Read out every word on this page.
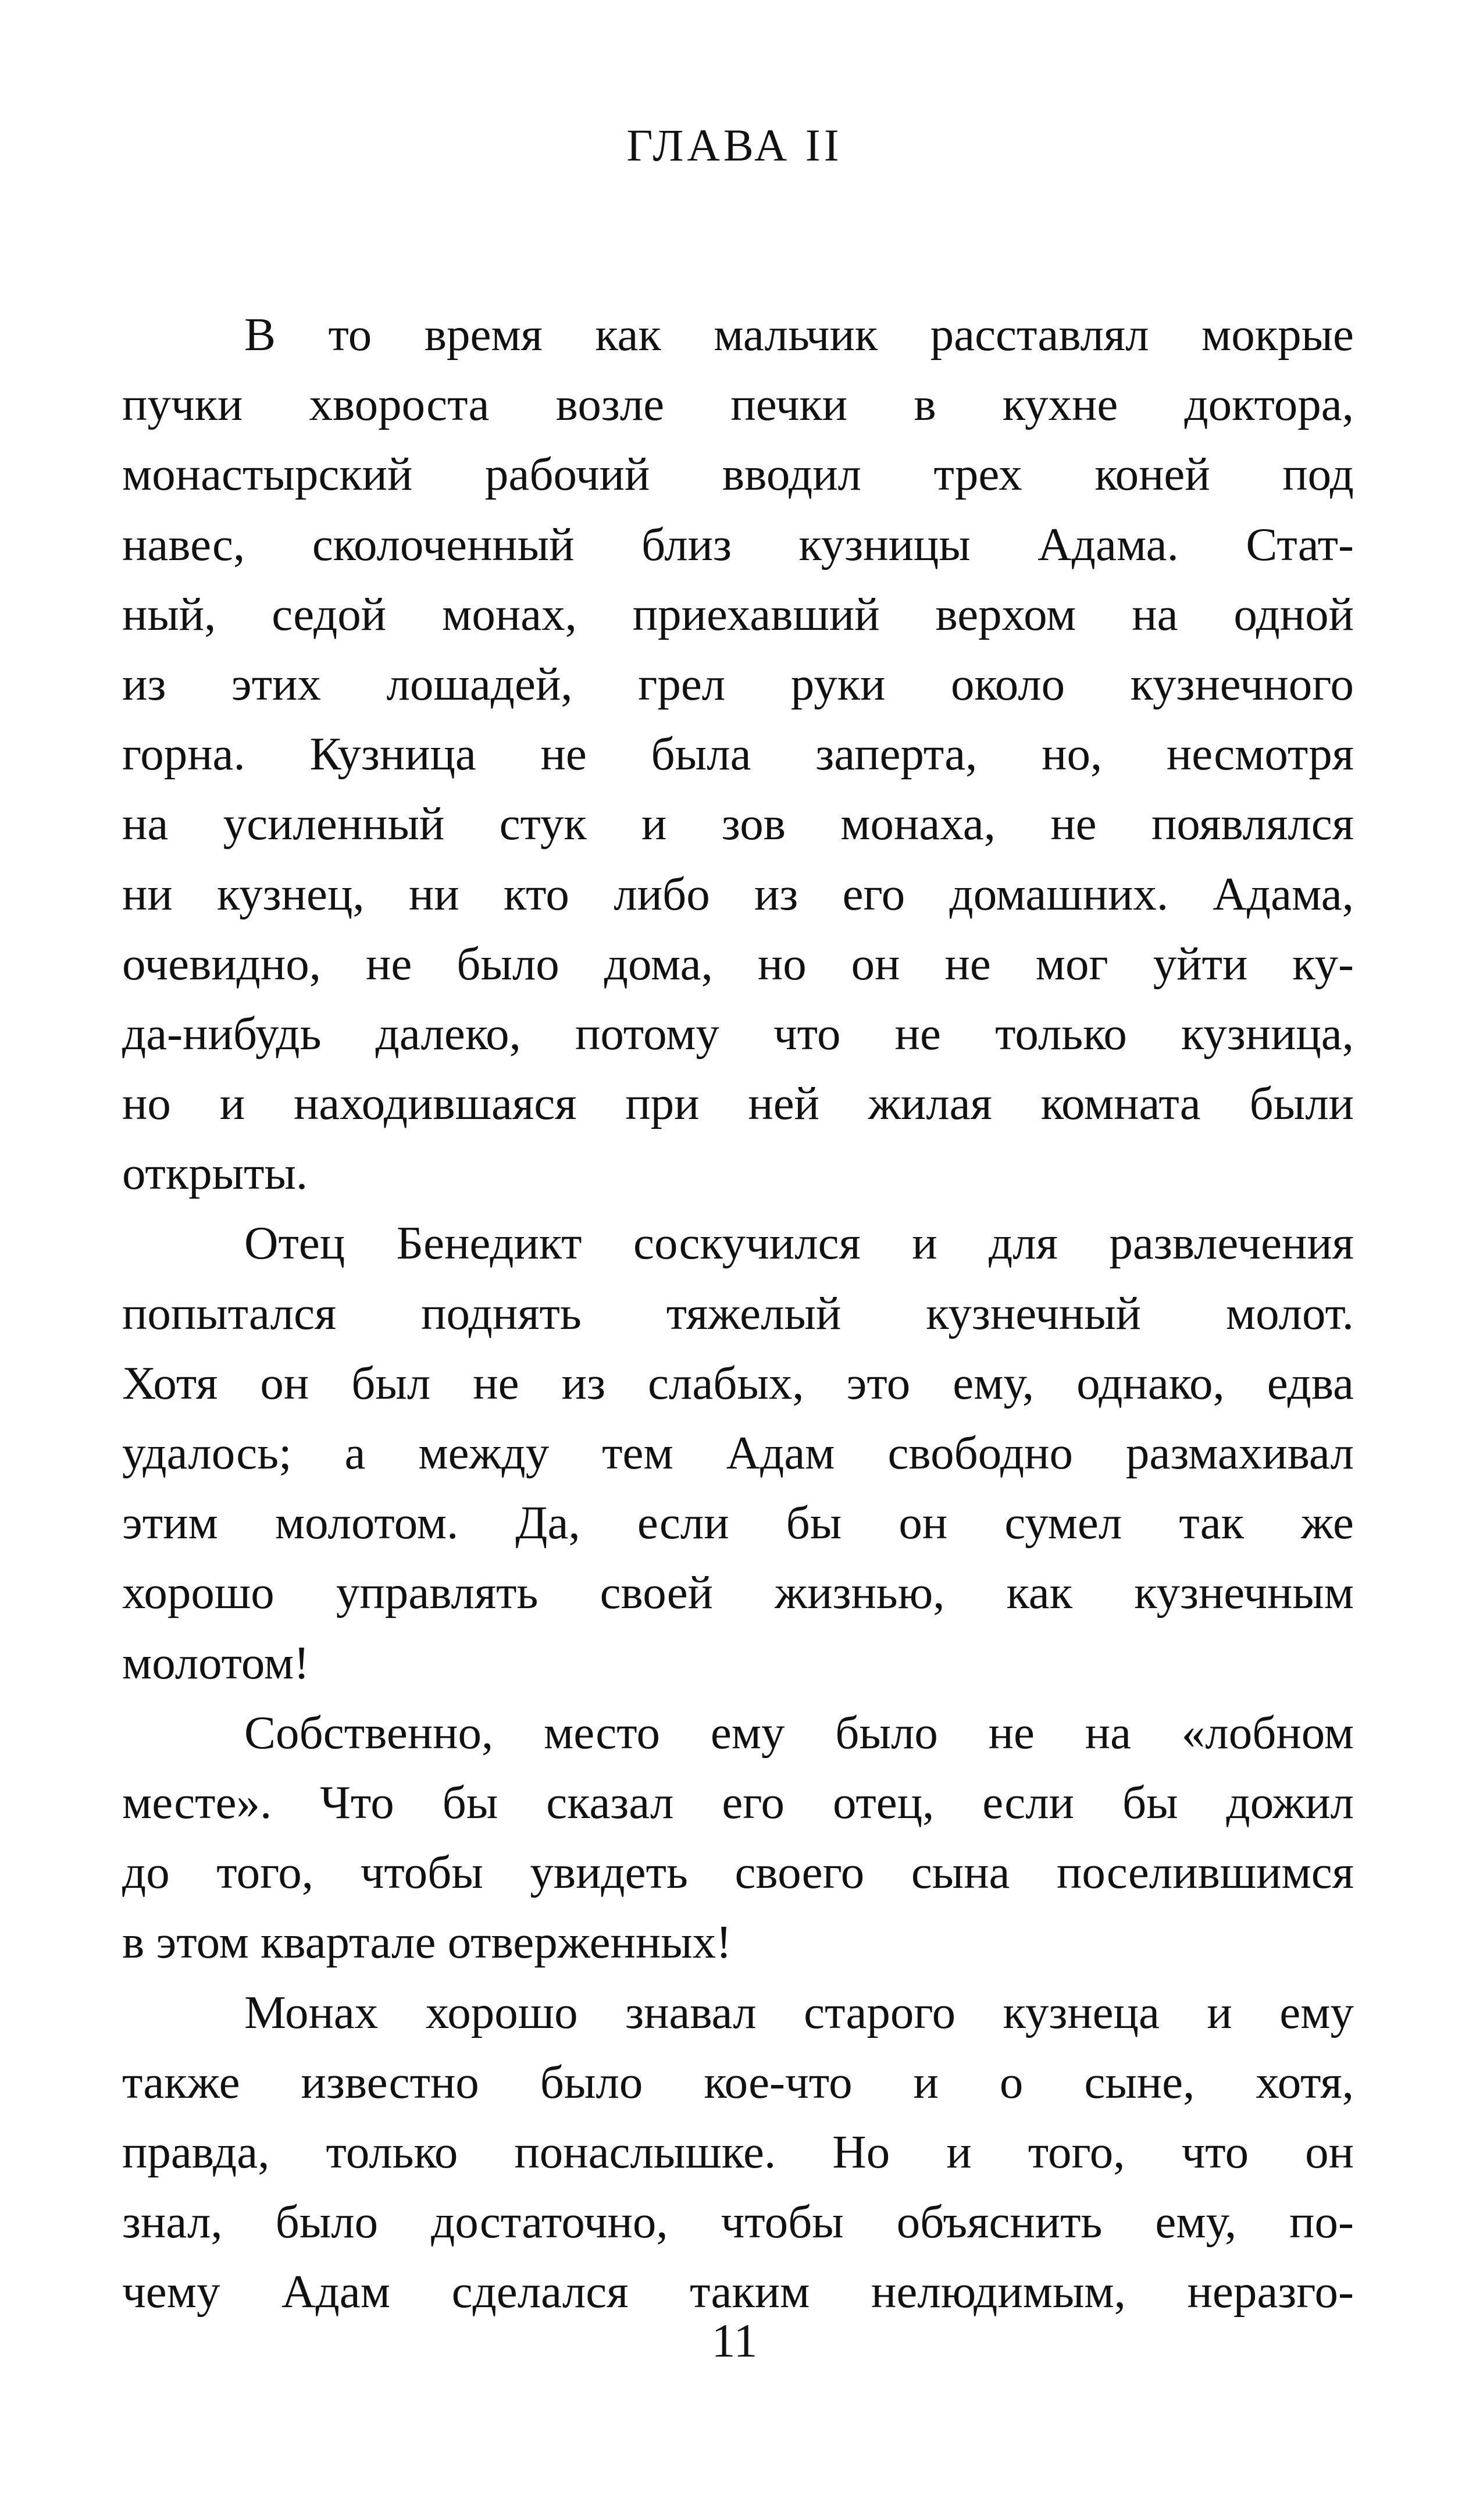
ГЛАВА II
В то время как мальчик расставлял мокрые
пучки хвороста возле печки в кухне доктора,
монастырский рабочий вводил трех коней под
навес, сколоченный близ кузницы Адама. Стат-
ный, седой монах, приехавший верхом на одной
из этих лошадей, грел руки около кузнечного
горна. Кузница не была заперта, но, несмотря
на усиленный стук и зов монаха, не появлялся
ни кузнец, ни кто либо из его домашних. Адама,
очевидно, не было дома, но он не мог уйти ку-
да-нибудь далеко, потому что не только кузница,
но и находившаяся при ней жилая комната были
открыты.
Отец Бенедикт соскучился и для развлечения
попытался поднять тяжелый кузнечный молот.
Хотя он был не из слабых, это ему, однако, едва
удалось; а между тем Адам свободно размахивал
этим молотом. Да, если бы он сумел так же
хорошо управлять своей жизнью, как кузнечным
молотом!
Собственно, место ему было не на «лобном
месте». Что бы сказал его отец, если бы дожил
до того, чтобы увидеть своего сына поселившимся
в этом квартале отверженных!
Монах хорошо знавал старого кузнеца и ему
также известно было кое-что и о сыне, хотя,
правда, только понаслышке. Но и того, что он
знал, было достаточно, чтобы объяснить ему, по-
чему Адам сделался таким нелюдимым, неразго-
11
